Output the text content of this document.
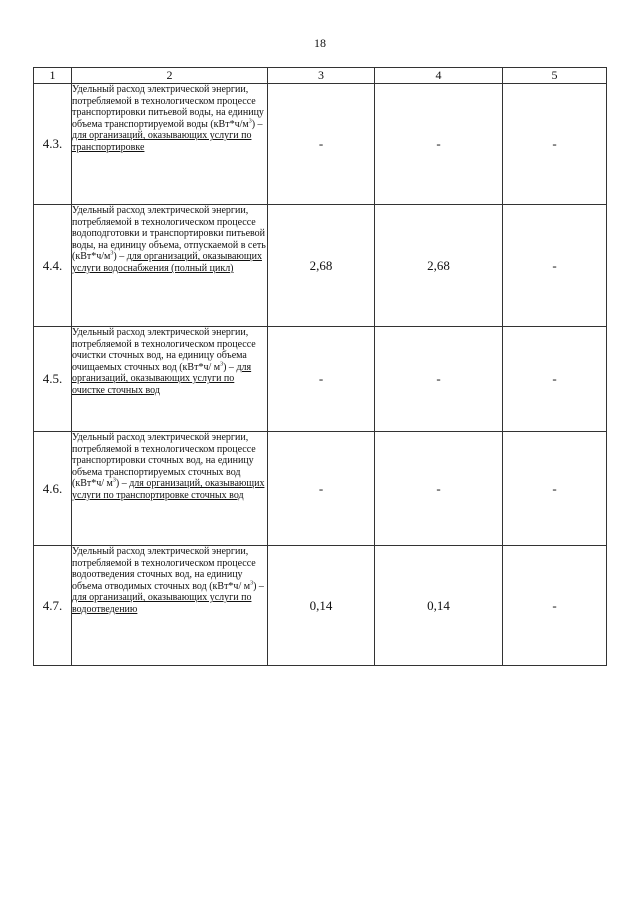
18
1	2	3	4	5
4.3.	Удельный расход электрической энергии, потребляемой в технологическом процессе транспортировки питьевой воды, на единицу объема транспортируемой воды $(кВт*ч/м^3)$ – для организаций, оказывающих услуги по транспортировке	-	-	-
4.4.	Удельный расход электрической энергии, потребляемой в технологическом процессе водоподготовки и транспортировки питьевой воды, на единицу объема, отпускаемой в сеть $(кВт*ч/м^3)$ – для организаций, оказывающих услуги водоснабжения (полный цикл)	2,68	2,68	-
4.5.	Удельный расход электрической энергии, потребляемой в технологическом процессе очистки сточных вод, на единицу объема очищаемых сточных вод (кВт*ч/ $м^3$) – для организаций, оказывающих услуги по очистке сточных вод	-	-	-
4.6.	Удельный расход электрической энергии, потребляемой в технологическом процессе транспортировки сточных вод, на единицу объема транспортируемых сточных вод (кВт*ч/ $м^3$) – для организаций, оказывающих услуги по транспортировке сточных вод	-	-	-
4.7.	Удельный расход электрической энергии, потребляемой в технологическом процессе водоотведения сточных вод, на единицу объема отводимых сточных вод (кВт*ч/ $м^3$) – для организаций, оказывающих услуги по водоотведению	0,14	0,14	-
